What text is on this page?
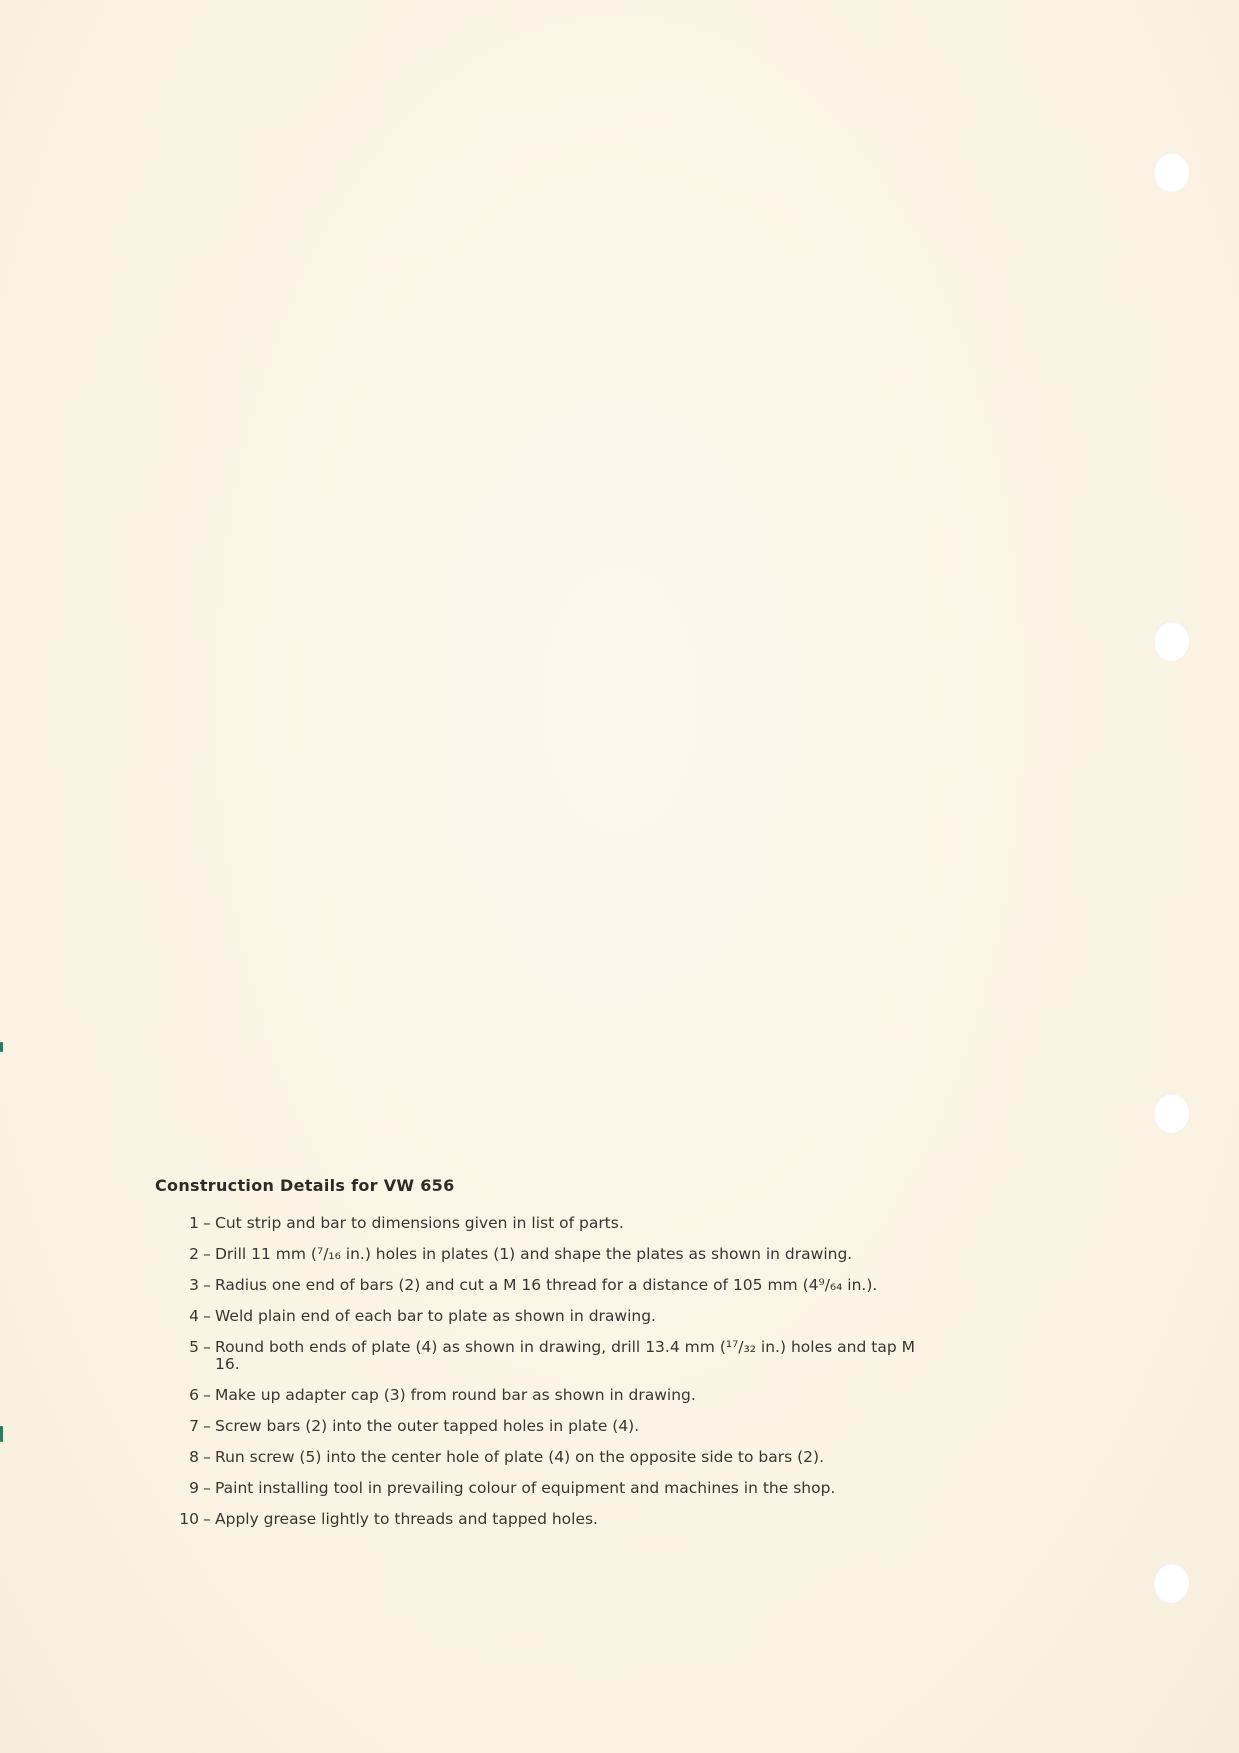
Construction Details for VW 656
1 – Cut strip and bar to dimensions given in list of parts.
2 – Drill 11 mm (⁷/₁₆ in.) holes in plates (1) and shape the plates as shown in drawing.
3 – Radius one end of bars (2) and cut a M 16 thread for a distance of 105 mm (4⁹/₆₄ in.).
4 – Weld plain end of each bar to plate as shown in drawing.
5 – Round both ends of plate (4) as shown in drawing, drill 13.4 mm (¹⁷/₃₂ in.) holes and tap M 16.
6 – Make up adapter cap (3) from round bar as shown in drawing.
7 – Screw bars (2) into the outer tapped holes in plate (4).
8 – Run screw (5) into the center hole of plate (4) on the opposite side to bars (2).
9 – Paint installing tool in prevailing colour of equipment and machines in the shop.
10 – Apply grease lightly to threads and tapped holes.
